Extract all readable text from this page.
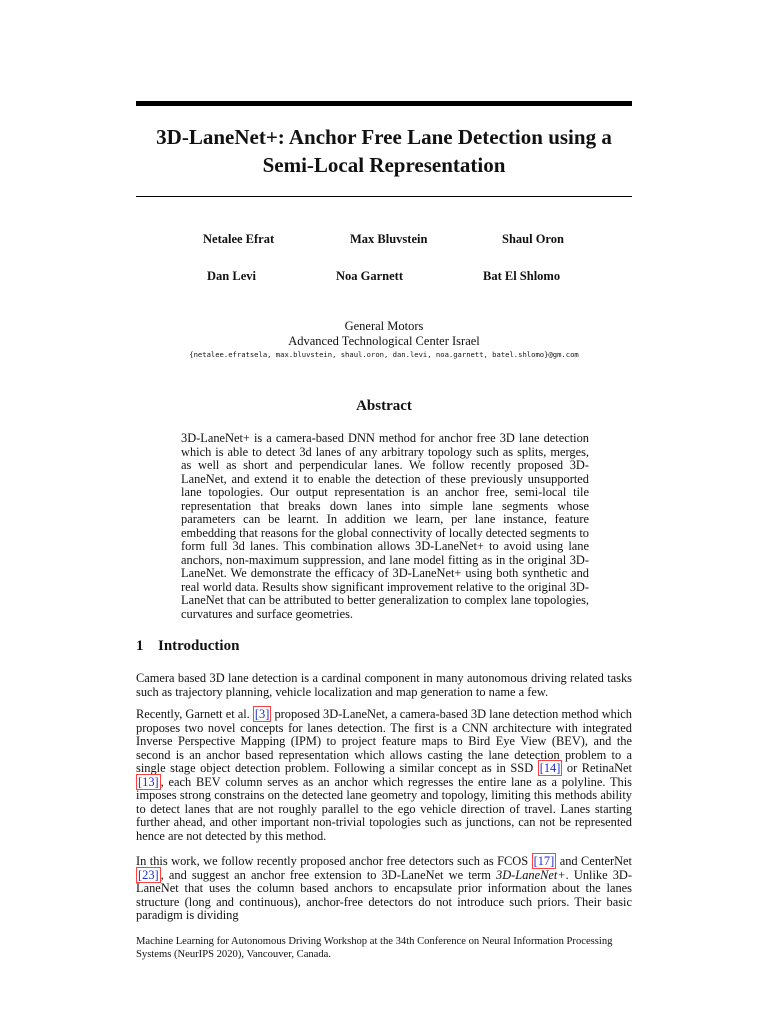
3D-LaneNet+: Anchor Free Lane Detection using a
Semi-Local Representation
Netalee Efrat	Max Bluvstein	Shaul Oron
Dan Levi	Noa Garnett	Bat El Shlomo
General Motors
Advanced Technological Center Israel
{netalee.efratsela, max.bluvstein, shaul.oron, dan.levi, noa.garnett, batel.shlomo}@gm.com
Abstract
3D-LaneNet+ is a camera-based DNN method for anchor free 3D lane detection which is able to detect 3d lanes of any arbitrary topology such as splits, merges, as well as short and perpendicular lanes. We follow recently proposed 3D-LaneNet, and extend it to enable the detection of these previously unsupported lane topologies. Our output representation is an anchor free, semi-local tile representation that breaks down lanes into simple lane segments whose parameters can be learnt. In addition we learn, per lane instance, feature embedding that reasons for the global connectivity of locally detected segments to form full 3d lanes. This combination allows 3D-LaneNet+ to avoid using lane anchors, non-maximum suppression, and lane model fitting as in the original 3D-LaneNet. We demonstrate the efficacy of 3D-LaneNet+ using both synthetic and real world data. Results show significant improvement relative to the original 3D-LaneNet that can be attributed to better generalization to complex lane topologies, curvatures and surface geometries.
1 Introduction
Camera based 3D lane detection is a cardinal component in many autonomous driving related tasks such as trajectory planning, vehicle localization and map generation to name a few.
Recently, Garnett et al. [3] proposed 3D-LaneNet, a camera-based 3D lane detection method which proposes two novel concepts for lanes detection. The first is a CNN architecture with integrated Inverse Perspective Mapping (IPM) to project feature maps to Bird Eye View (BEV), and the second is an anchor based representation which allows casting the lane detection problem to a single stage object detection problem. Following a similar concept as in SSD [14] or RetinaNet [13] , each BEV column serves as an anchor which regresses the entire lane as a polyline. This imposes strong constrains on the detected lane geometry and topology, limiting this methods ability to detect lanes that are not roughly parallel to the ego vehicle direction of travel. Lanes starting further ahead, and other important non-trivial topologies such as junctions, can not be represented hence are not detected by this method.
In this work, we follow recently proposed anchor free detectors such as FCOS [17] and CenterNet [23] , and suggest an anchor free extension to 3D-LaneNet we term 3D-LaneNet+. Unlike 3D-LaneNet that uses the column based anchors to encapsulate prior information about the lanes structure (long and continuous), anchor-free detectors do not introduce such priors. Their basic paradigm is dividing
Machine Learning for Autonomous Driving Workshop at the 34th Conference on Neural Information Processing Systems (NeurIPS 2020), Vancouver, Canada.
